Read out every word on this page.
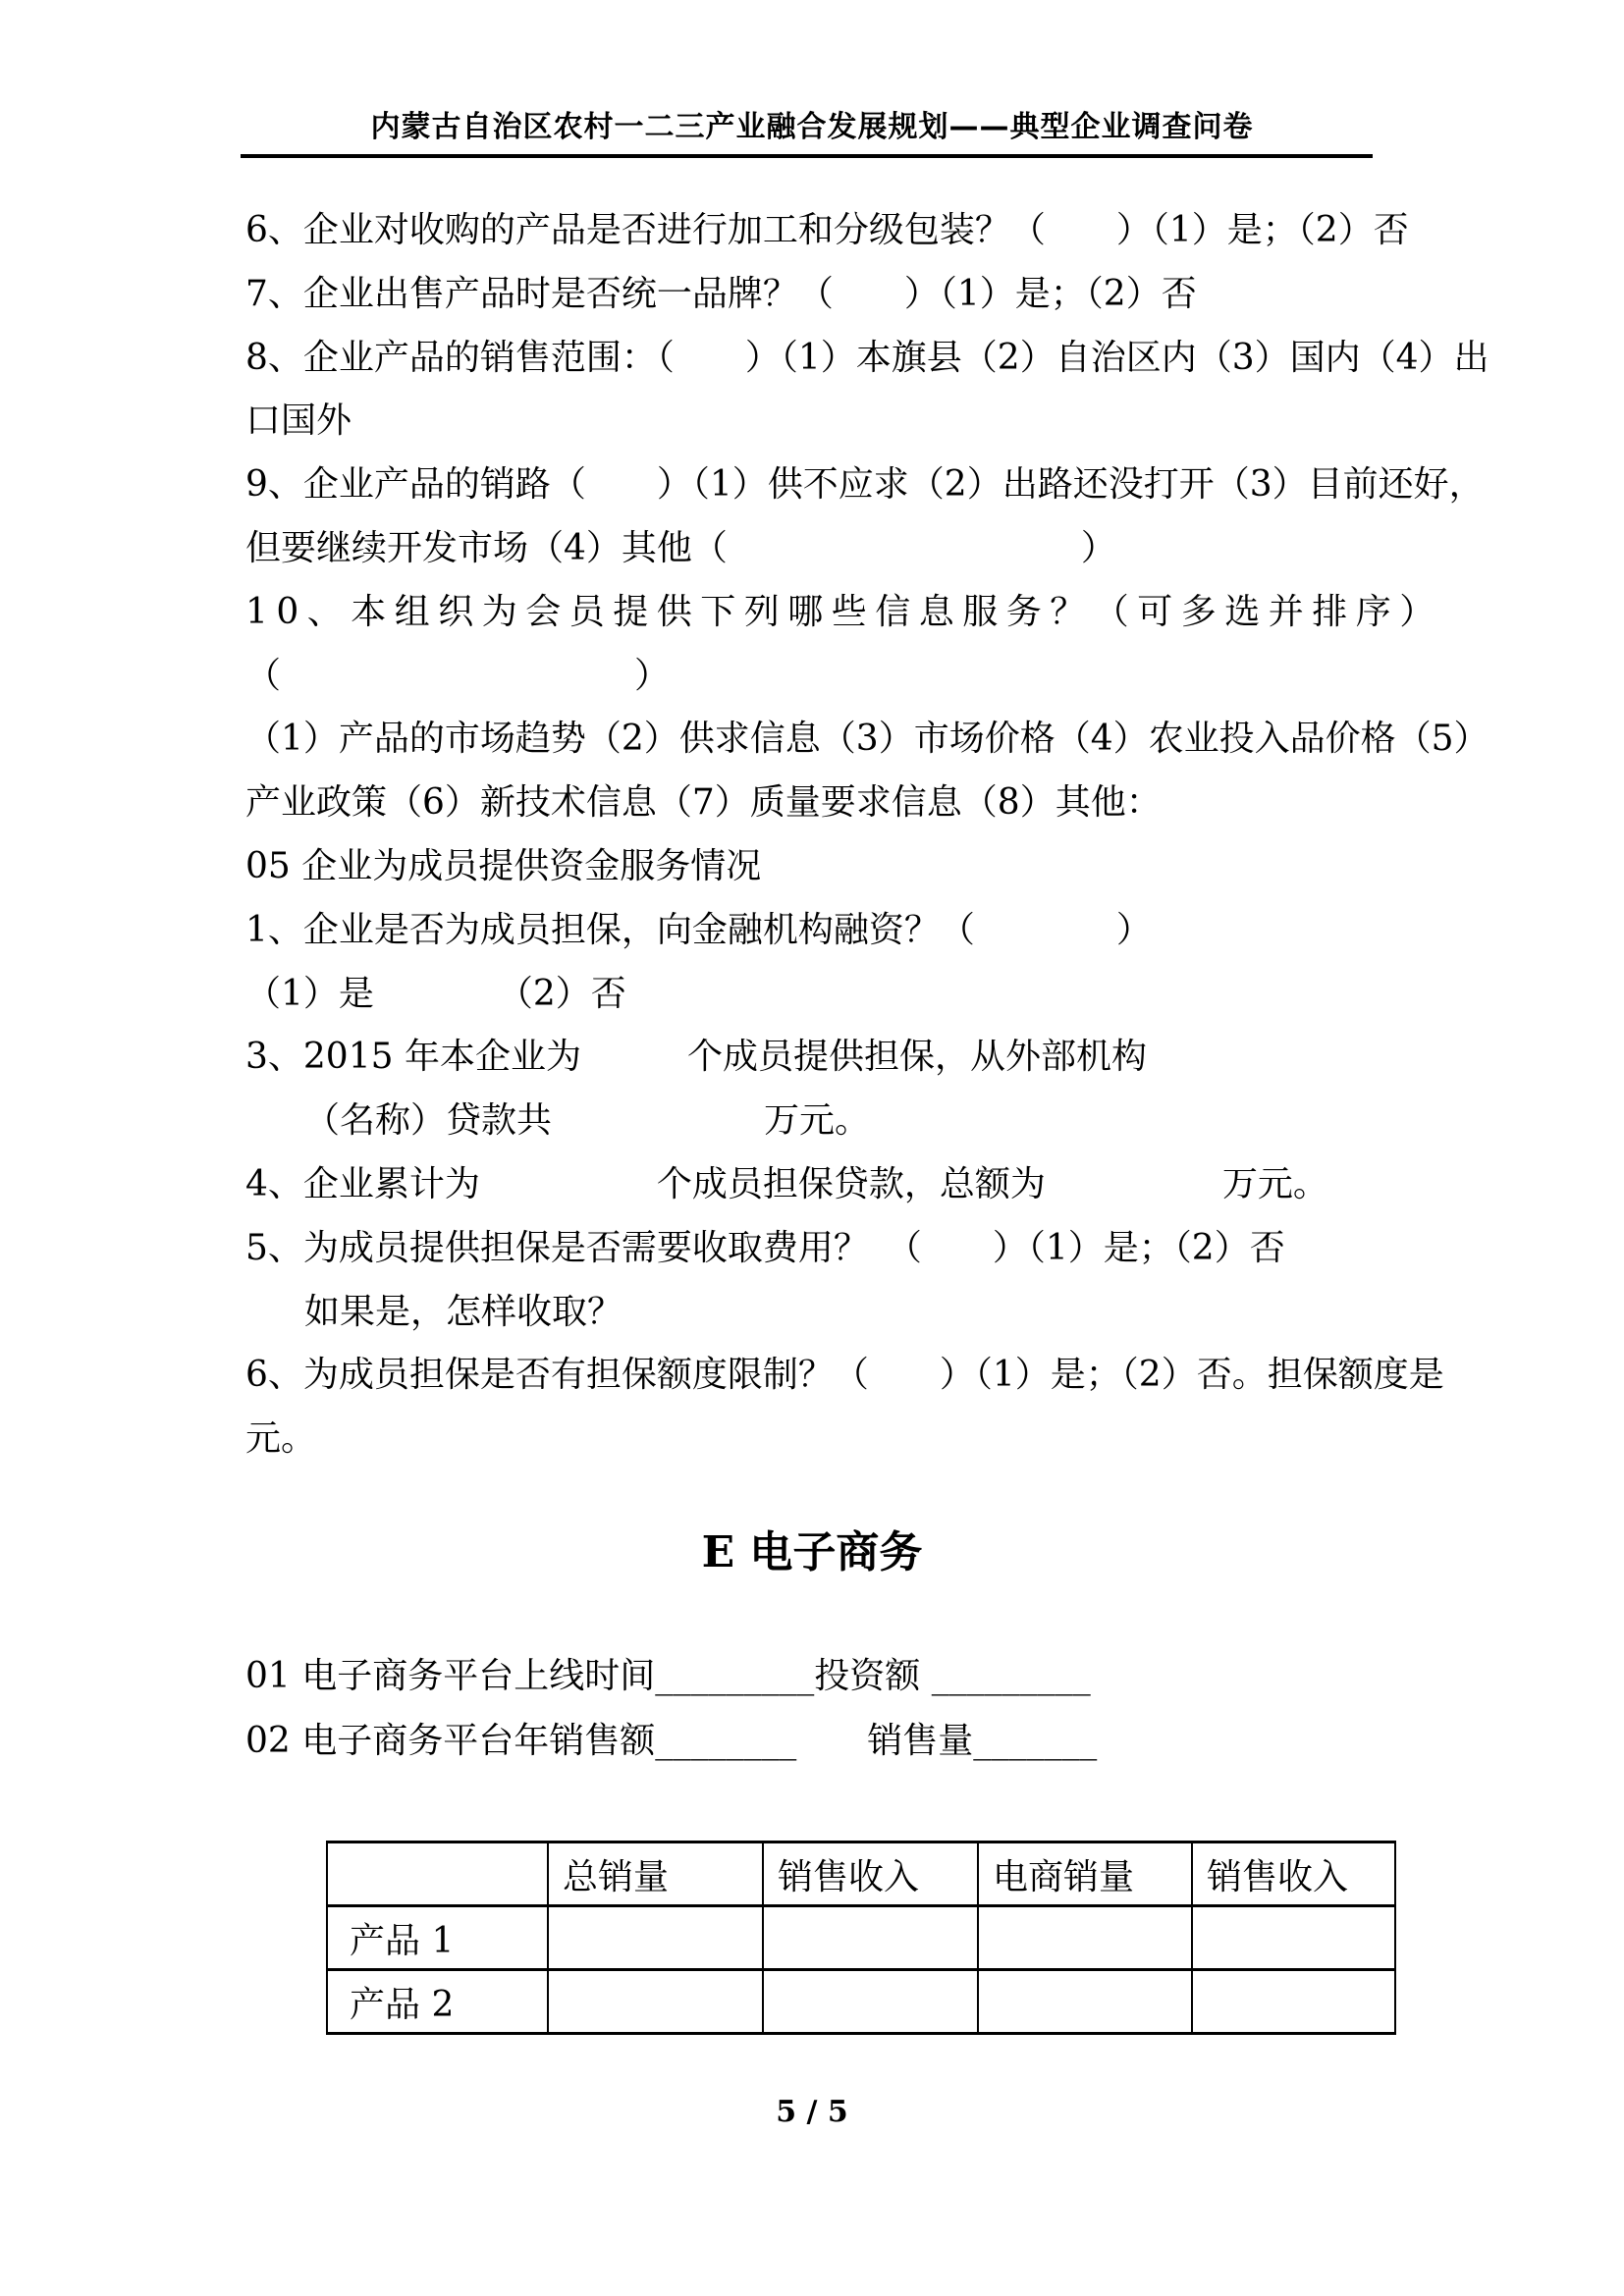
内蒙古自治区农村一二三产业融合发展规划——典型企业调查问卷
6、企业对收购的产品是否进行加工和分级包装？（　　）（1）是；（2）否
7、企业出售产品时是否统一品牌？（　　）（1）是；（2）否
8、企业产品的销售范围：（　　）（1）本旗县（2）自治区内（3）国内（4）出
口国外
9、企业产品的销路（　　）（1）供不应求（2）出路还没打开（3）目前还好，
但要继续开发市场（4）其他（　　　　　　　　　　）
10、本组织为会员提供下列哪些信息服务？（可多选并排序）
（　　　　　　　　　　）
（1）产品的市场趋势（2）供求信息（3）市场价格（4）农业投入品价格（5）
产业政策（6）新技术信息（7）质量要求信息（8）其他：
05 企业为成员提供资金服务情况
1、企业是否为成员担保，向金融机构融资？（　　　　）
（1）是　　　　（2）否
3、2015 年本企业为　　　个成员提供担保，从外部机构
（名称）贷款共　　　　　　万元。
4、企业累计为　　　　　个成员担保贷款，总额为　　　　　万元。
5、为成员提供担保是否需要收取费用？　（　　）（1）是；（2）否
如果是，怎样收取？
6、为成员担保是否有担保额度限制？（　　）（1）是；（2）否。担保额度是
元。
E 电子商务
01 电子商务平台上线时间_________投资额 _________
02 电子商务平台年销售额________　　销售量_______
	总销量	销售收入	电商销量	销售收入
产品 1				
产品 2				
5 / 5
